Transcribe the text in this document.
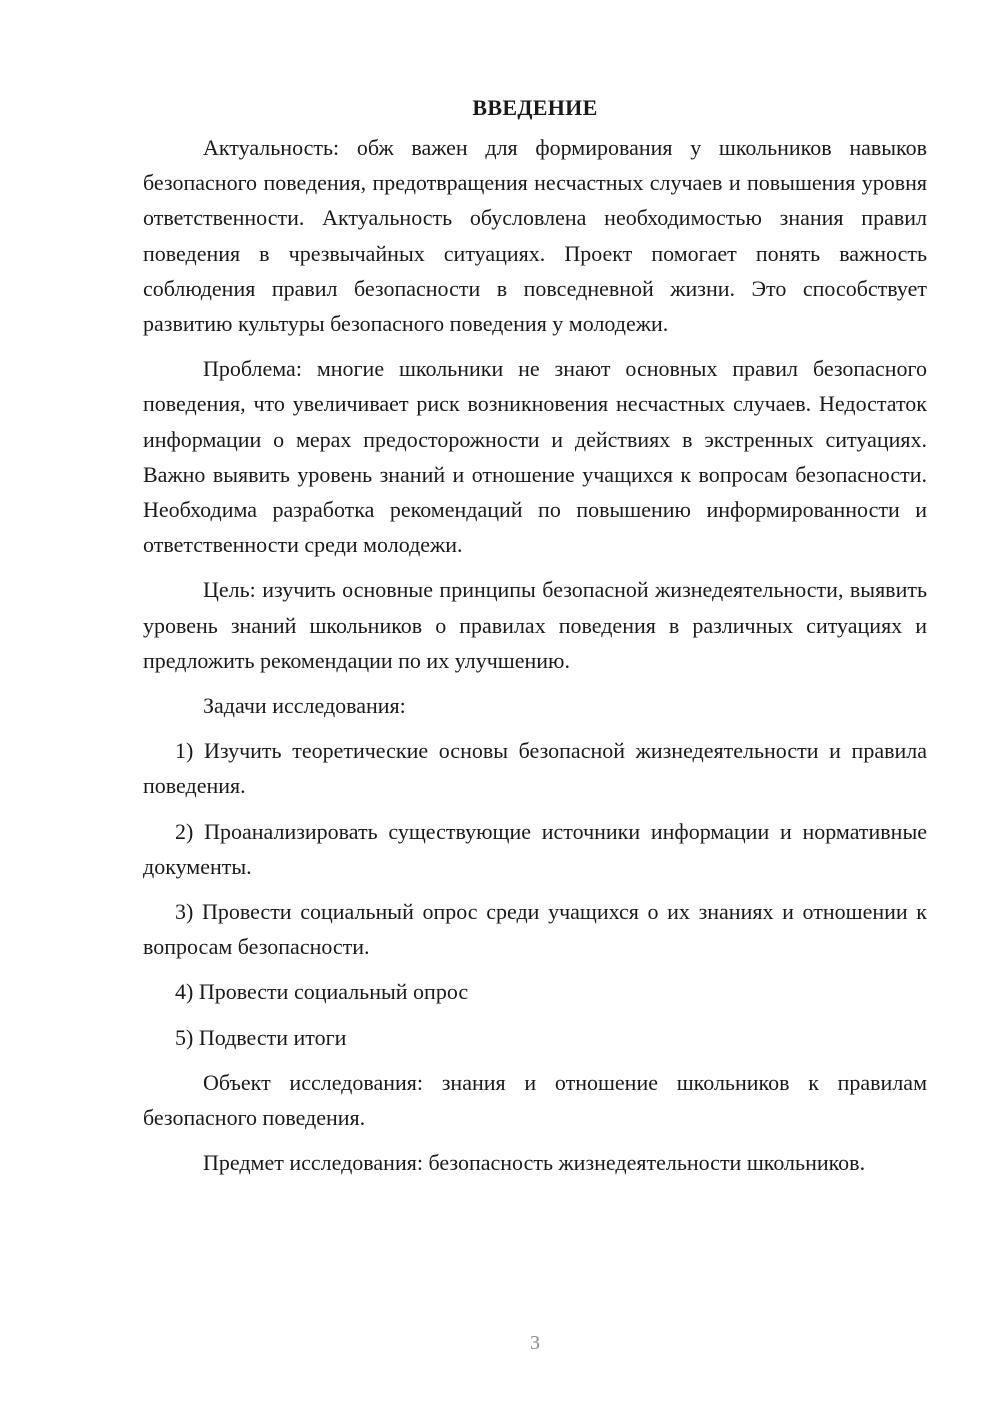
ВВЕДЕНИЕ

Актуальность: обж важен для формирования у школьников навыков безопасного поведения, предотвращения несчастных случаев и повышения уровня ответственности. Актуальность обусловлена необходимостью знания правил поведения в чрезвычайных ситуациях. Проект помогает понять важность соблюдения правил безопасности в повседневной жизни. Это способствует развитию культуры безопасного поведения у молодежи.

Проблема: многие школьники не знают основных правил безопасного поведения, что увеличивает риск возникновения несчастных случаев. Недостаток информации о мерах предосторожности и действиях в экстренных ситуациях. Важно выявить уровень знаний и отношение учащихся к вопросам безопасности. Необходима разработка рекомендаций по повышению информированности и ответственности среди молодежи.

Цель: изучить основные принципы безопасной жизнедеятельности, выявить уровень знаний школьников о правилах поведения в различных ситуациях и предложить рекомендации по их улучшению.

Задачи исследования:

1) Изучить теоретические основы безопасной жизнедеятельности и правила поведения.

2) Проанализировать существующие источники информации и нормативные документы.

3) Провести социальный опрос среди учащихся о их знаниях и отношении к вопросам безопасности.

4) Провести социальный опрос

5) Подвести итоги

Объект исследования: знания и отношение школьников к правилам безопасного поведения.

Предмет исследования: безопасность жизнедеятельности школьников.

3
